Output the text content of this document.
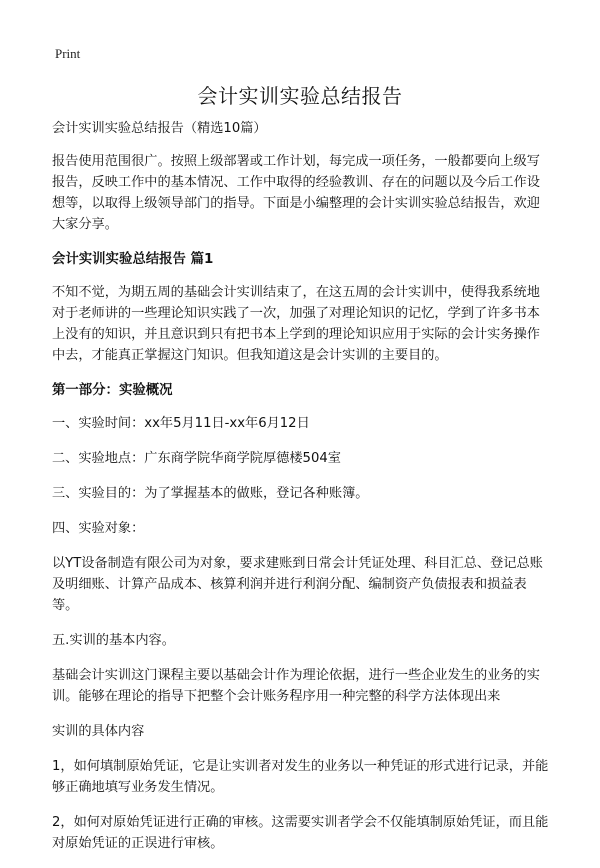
Print
会计实训实验总结报告

会计实训实验总结报告（精选10篇）

报告使用范围很广。按照上级部署或工作计划，每完成一项任务，一般都要向上级写报告，反映工作中的基本情况、工作中取得的经验教训、存在的问题以及今后工作设想等，以取得上级领导部门的指导。下面是小编整理的会计实训实验总结报告，欢迎大家分享。

会计实训实验总结报告 篇1

不知不觉，为期五周的基础会计实训结束了，在这五周的会计实训中，使得我系统地对于老师讲的一些理论知识实践了一次，加强了对理论知识的记忆，学到了许多书本上没有的知识，并且意识到只有把书本上学到的理论知识应用于实际的会计实务操作中去，才能真正掌握这门知识。但我知道这是会计实训的主要目的。

第一部分：实验概况

一、实验时间：xx年5月11日-xx年6月12日

二、实验地点：广东商学院华商学院厚德楼504室

三、实验目的：为了掌握基本的做账，登记各种账簿。

四、实验对象：

以YT设备制造有限公司为对象，要求建账到日常会计凭证处理、科目汇总、登记总账及明细账、计算产品成本、核算利润并进行利润分配、编制资产负债报表和损益表等。

五.实训的基本内容。

基础会计实训这门课程主要以基础会计作为理论依据，进行一些企业发生的业务的实训。能够在理论的指导下把整个会计账务程序用一种完整的科学方法体现出来

实训的具体内容

1，如何填制原始凭证，它是让实训者对发生的业务以一种凭证的形式进行记录，并能够正确地填写业务发生情况。

2，如何对原始凭证进行正确的审核。这需要实训者学会不仅能填制原始凭证，而且能对原始凭证的正误进行审核。
